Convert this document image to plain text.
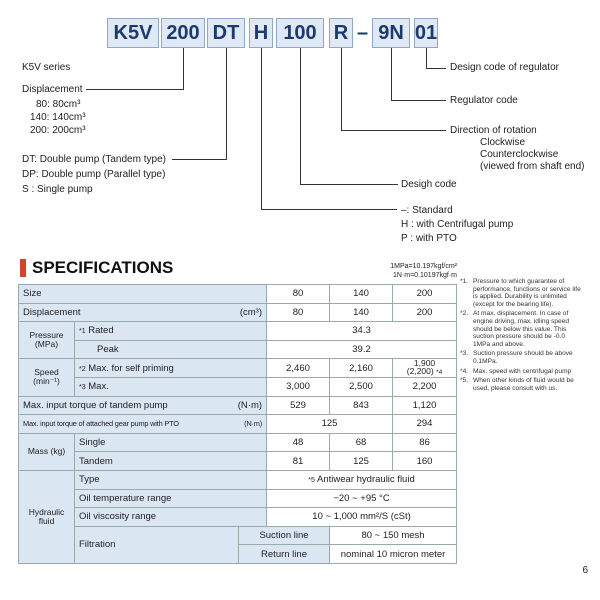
K5V 200 DT H 100 R – 9N 01
K5V series
Displacement
80: 80cm³
140: 140cm³
200: 200cm³
DT: Double pump (Tandem type)
DP: Double pump (Parallel type)
S : Single pump
Design code of regulator
Regulator code
Direction of rotation
Clockwise
Counterclockwise
(viewed from shaft end)
Desigh code
–: Standard
H : with Centrifugal pump
P : with PTO
SPECIFICATIONS	1MPa=10.197kgf/cm²
1N·m=0.10197kgf·m
Size			80	140	200
Displacement (cm³)			80	140	200
Pressure (MPa)	*1 Rated		34.3		
	Peak		39.2		
Speed (min⁻¹)	*2 Max. for self priming		2,460	2,160	1,900
(2,200) *4
	*3 Max.		3,000	2,500	2,200
Max. input torque of tandem pump (N·m)			529	843	1,120
Max. input torque of attached gear pump with PTO (N·m)			125		294
Mass (kg)	Single		48	68	86
	Tandem		81	125	160
Hydraulic fluid	Type		*5 Antiwear hydraulic fluid		
	Oil temperature range		−20 ~ +95 °C		
	Oil viscosity range		10 ~ 1,000 mm²/S (cSt)		
	Filtration	Suction line		80 ~ 150 mesh	
		Return line		nominal 10 micron meter	
*1. Pressure to which guarantee of performance, functions or service life is applied. Durability is unlimited (except for the bearing life).
*2. At max. displacement. In case of engine driving, max. idling speed should be below this value. This suction pressure should be -0.0 1MPa and above.
*3. Suction pressure should be above 0.1MPa.
*4. Max. speed with centrifugal pump
*5. When other kinds of fluid would be used, please consult with us.
6
